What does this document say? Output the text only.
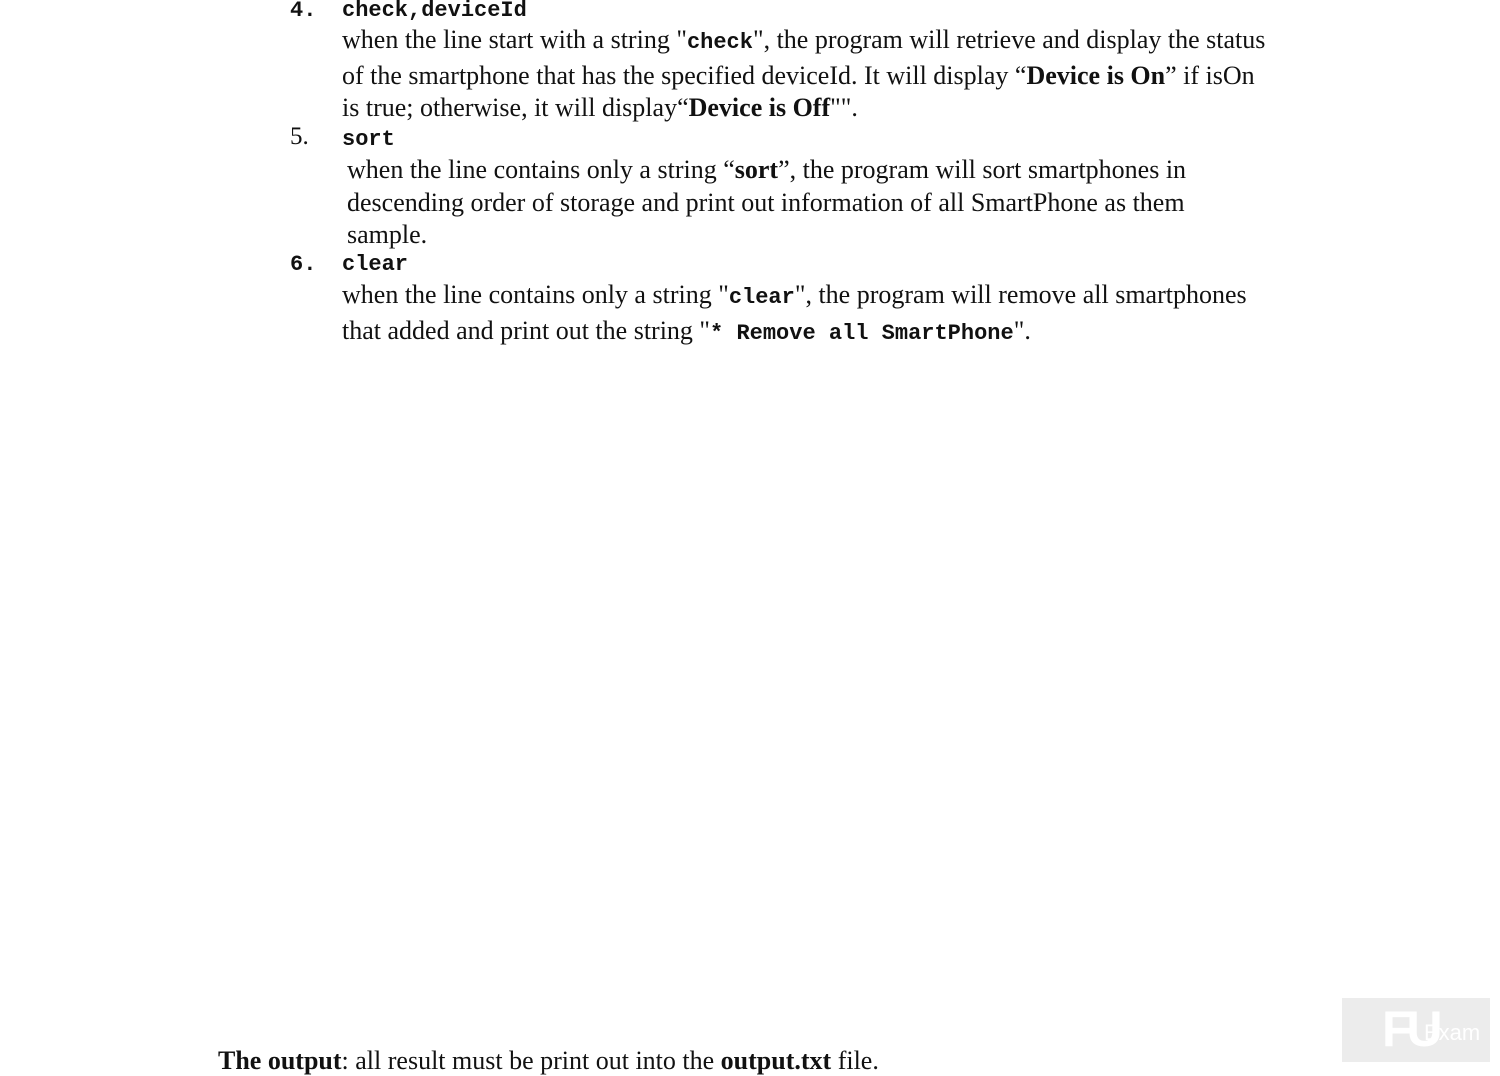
4. check,deviceId
when the line start with a string "check", the program will retrieve and display the status
of the smartphone that has the specified deviceId. It will display “Device is On” if isOn
is true; otherwise, it will display“Device is Off"".
5. sort
when the line contains only a string “sort”, the program will sort smartphones in
descending order of storage and print out information of all SmartPhone as them
sample.
6. clear
when the line contains only a string "clear", the program will remove all smartphones
that added and print out the string "* Remove all SmartPhone".
FU
Exam
The output: all result must be print out into the output.txt file.
